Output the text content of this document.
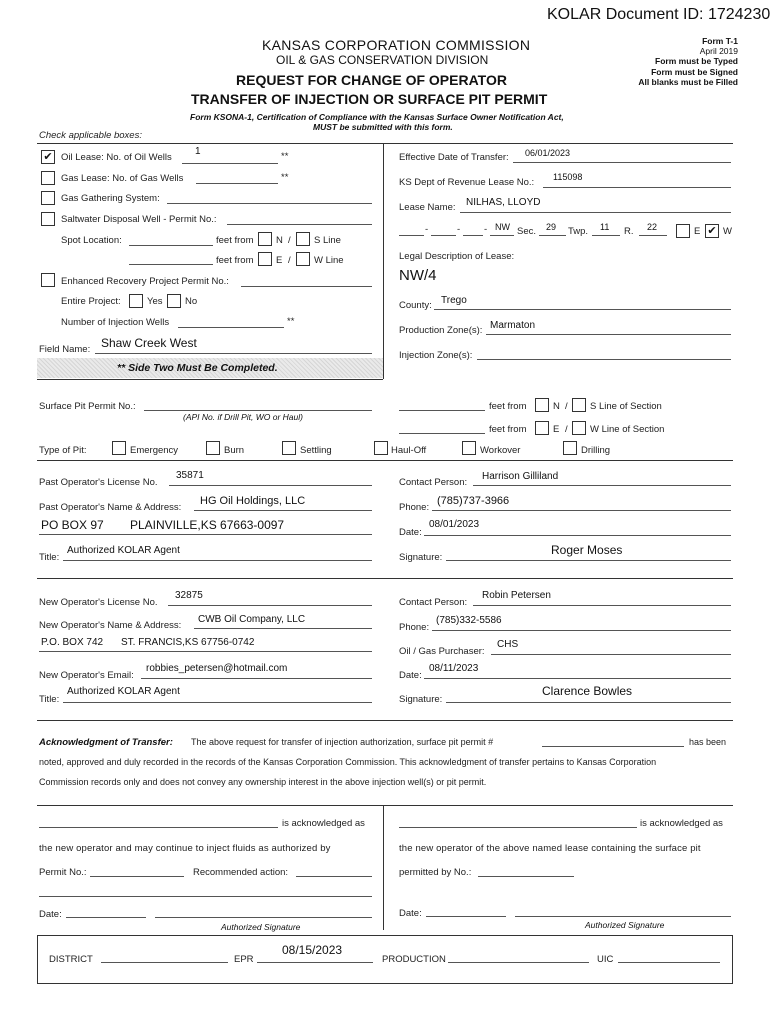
KOLAR Document ID: 1724230
KANSAS CORPORATION COMMISSION
OIL & GAS CONSERVATION DIVISION
REQUEST FOR CHANGE OF OPERATOR
TRANSFER OF INJECTION OR SURFACE PIT PERMIT
Form T-1
April 2019
Form must be Typed
Form must be Signed
All blanks must be Filled
Form KSONA-1, Certification of Compliance with the Kansas Surface Owner Notification Act,
MUST be submitted with this form.
Check applicable boxes:
✔ Oil Lease: No. of Oil Wells
1	**
Gas Lease: No. of Gas Wells	**
Gas Gathering System:
Saltwater Disposal Well - Permit No.:
Spot Location:	feet from N / S Line
feet from E / W Line
Enhanced Recovery Project Permit No.:
Entire Project:	Yes No
Number of Injection Wells	**
Field Name: Shaw Creek West
** Side Two Must Be Completed.
Effective Date of Transfer: 06/01/2023
KS Dept of Revenue Lease No.: 115098
Lease Name: NILHAS, LLOYD
-	-	- NW Sec. 29 Twp. 11 R. 22	E ✔ W
Legal Description of Lease:
NW/4
County: Trego
Production Zone(s): Marmaton
Injection Zone(s):
Surface Pit Permit No.:
(API No. if Drill Pit, WO or Haul)
feet from	N / S Line of Section
feet from	E / W Line of Section
Type of Pit:	Emergency	Burn	Settling	Haul-Off	Workover	Drilling
Past Operator's License No.
35871
Past Operator's Name & Address:
HG Oil Holdings, LLC
PO BOX 97 PLAINVILLE,KS 67663-0097
Title:
Authorized KOLAR Agent
Contact Person:
Harrison Gilliland
Phone:
(785)737-3966
Date:
08/01/2023
Signature:
Roger Moses
New Operator's License No.
32875
New Operator's Name & Address:
CWB Oil Company, LLC
P.O. BOX 742 ST. FRANCIS,KS 67756-0742
New Operator's Email:
robbies_petersen@hotmail.com
Title:
Authorized KOLAR Agent
Contact Person:
Robin Petersen
Phone:
(785)332-5586
Oil / Gas Purchaser:
CHS
Date:
08/11/2023
Signature:
Clarence Bowles
Acknowledgment of Transfer: The above request for transfer of injection authorization, surface pit permit #	has been
noted, approved and duly recorded in the records of the Kansas Corporation Commission. This acknowledgment of transfer pertains to Kansas Corporation
Commission records only and does not convey any ownership interest in the above injection well(s) or pit permit.
is acknowledged as
the new operator and may continue to inject fluids as authorized by
Permit No.:	Recommended action:
Date:
Authorized Signature
is acknowledged as
the new operator of the above named lease containing the surface pit
permitted by No.:
Date:
Authorized Signature
DISTRICT	EPR
08/15/2023
PRODUCTION	UIC
